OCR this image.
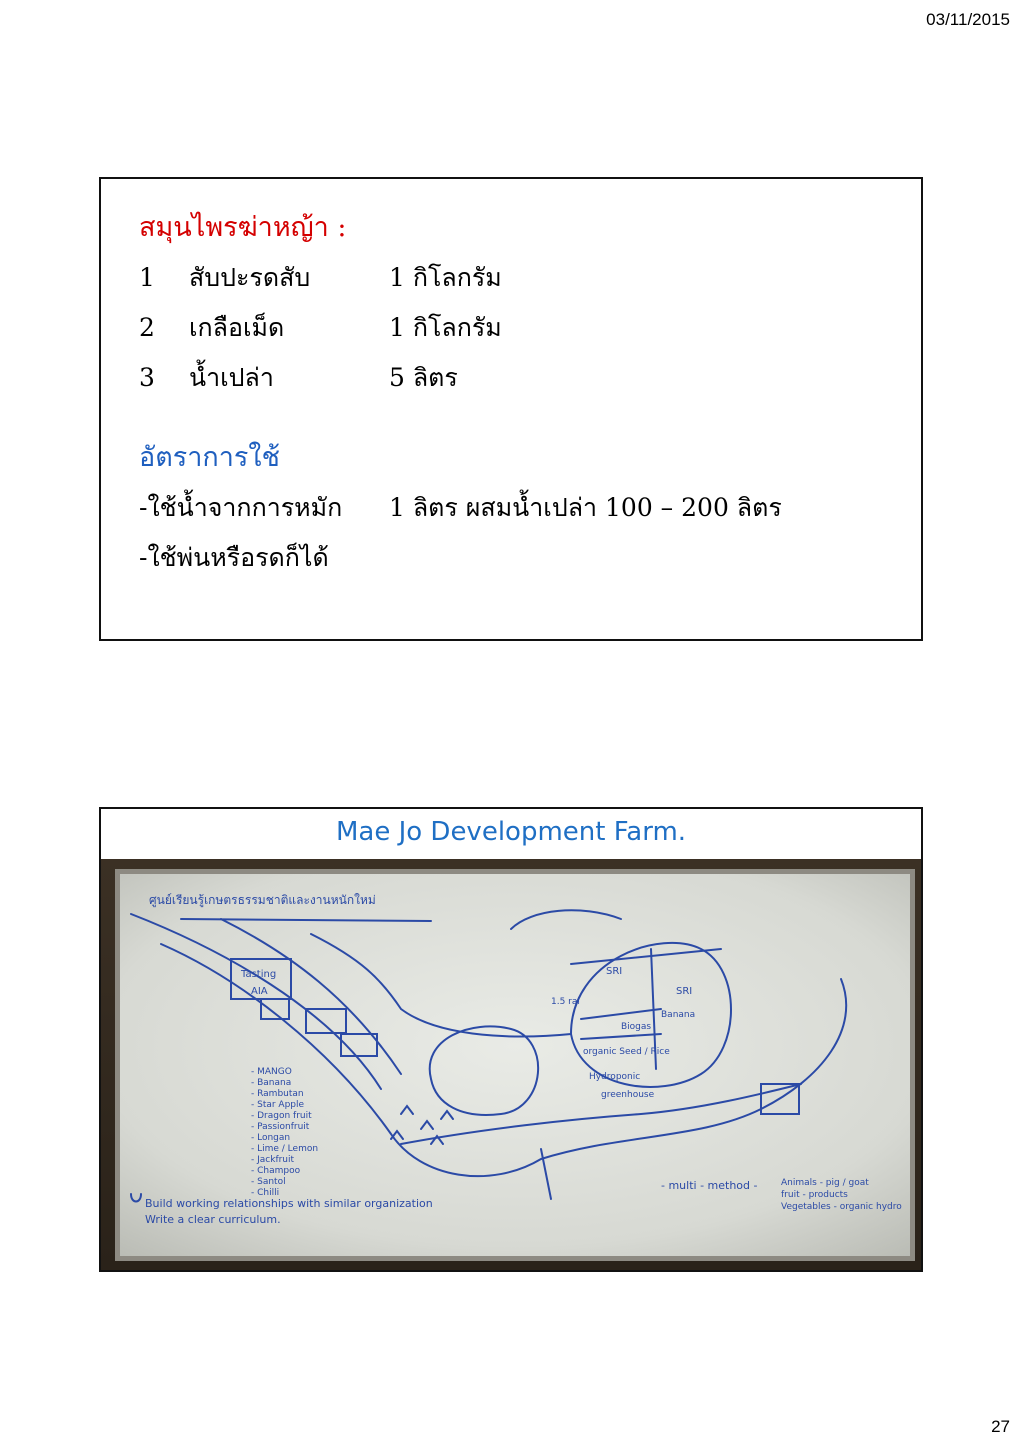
03/11/2015
สมุนไพรฆ่าหญ้า :
1	สับปะรดสับ	1 กิโลกรัม
2	เกลือเม็ด	1 กิโลกรัม
3	น้ำเปล่า	5 ลิตร
อัตราการใช้
-ใช้น้ำจากการหมัก	1 ลิตร ผสมน้ำเปล่า 100 – 200 ลิตร
-ใช้พ่นหรือรดก็ได้
Mae Jo Development Farm.
ศูนย์เรียนรู้เกษตรธรรมชาติและงานหนักใหม่
Tasting
AIA
SRI
SRI
Banana
Biogas
organic Seed / Rice
Hydroponic
greenhouse
1.5 rai
- MANGO
- Banana
- Rambutan
- Star Apple
- Dragon fruit
- Passionfruit
- Longan
- Lime / Lemon
- Jackfruit
- Champoo
- Santol
- Chilli
Build working relationships with similar organization
Write a clear curriculum.
- multi - method -	Animals - pig / goat
fruit - products
Vegetables - organic hydro
27
